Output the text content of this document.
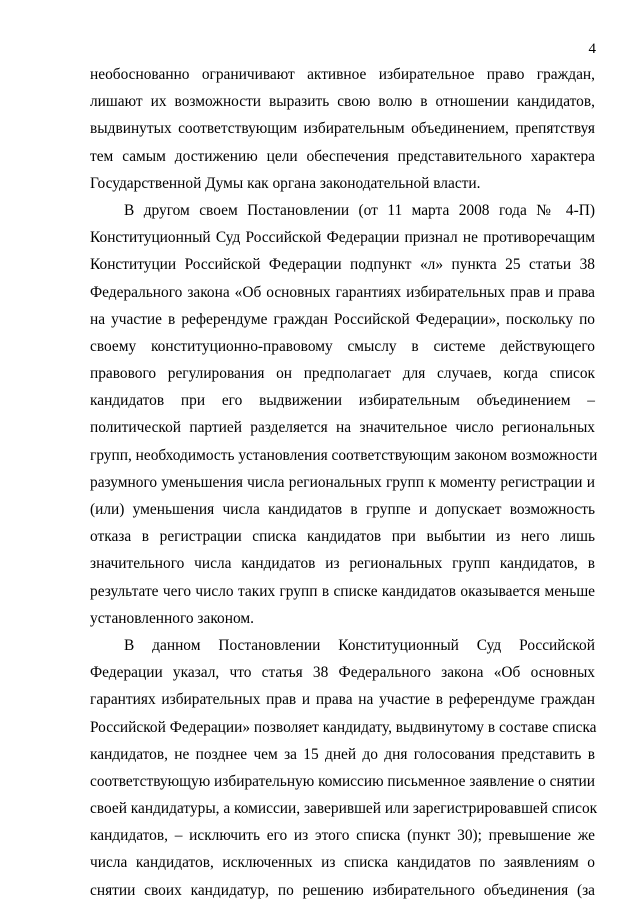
4
необоснованно ограничивают активное избирательное право граждан,
лишают их возможности выразить свою волю в отношении кандидатов,
выдвинутых соответствующим избирательным объединением, препятствуя
тем самым достижению цели обеспечения представительного характера
Государственной Думы как органа законодательной власти.
В другом своем Постановлении (от 11 марта 2008 года № 4-П)
Конституционный Суд Российской Федерации признал не противоречащим
Конституции Российской Федерации подпункт «л» пункта 25 статьи 38
Федерального закона «Об основных гарантиях избирательных прав и права
на участие в референдуме граждан Российской Федерации», поскольку по
своему конституционно-правовому смыслу в системе действующего
правового регулирования он предполагает для случаев, когда список
кандидатов при его выдвижении избирательным объединением –
политической партией разделяется на значительное число региональных
групп, необходимость установления соответствующим законом возможности
разумного уменьшения числа региональных групп к моменту регистрации и
(или) уменьшения числа кандидатов в группе и допускает возможность
отказа в регистрации списка кандидатов при выбытии из него лишь
значительного числа кандидатов из региональных групп кандидатов, в
результате чего число таких групп в списке кандидатов оказывается меньше
установленного законом.
В данном Постановлении Конституционный Суд Российской
Федерации указал, что статья 38 Федерального закона «Об основных
гарантиях избирательных прав и права на участие в референдуме граждан
Российской Федерации» позволяет кандидату, выдвинутому в составе списка
кандидатов, не позднее чем за 15 дней до дня голосования представить в
соответствующую избирательную комиссию письменное заявление о снятии
своей кандидатуры, а комиссии, заверившей или зарегистрировавшей список
кандидатов, – исключить его из этого списка (пункт 30); превышение же
числа кандидатов, исключенных из списка кандидатов по заявлениям о
снятии своих кандидатур, по решению избирательного объединения (за
